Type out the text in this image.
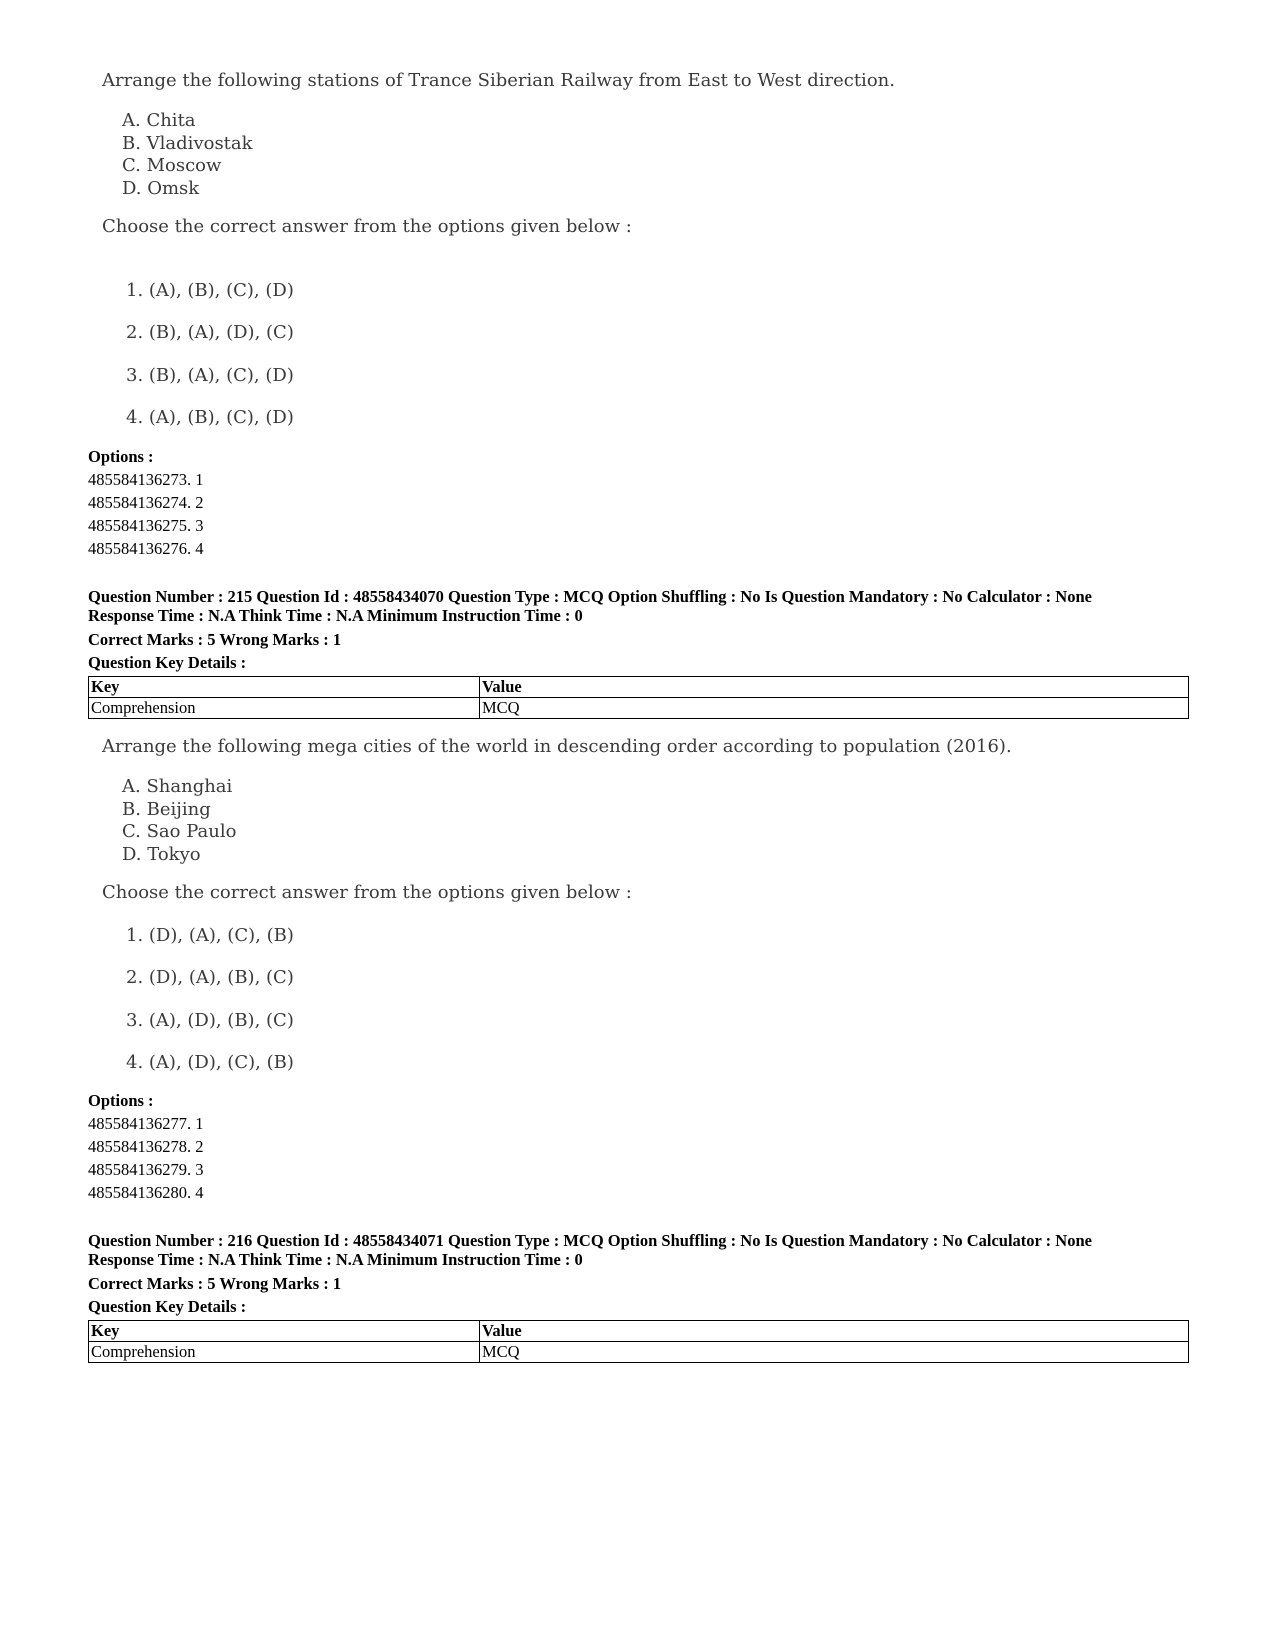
Arrange the following stations of Trance Siberian Railway from East to West direction.

A. Chita
B. Vladivostak
C. Moscow
D. Omsk
Choose the correct answer from the options given below :
1. (A), (B), (C), (D)
2. (B), (A), (D), (C)
3. (B), (A), (C), (D)
4. (A), (B), (C), (D)
Options :
485584136273. 1
485584136274. 2
485584136275. 3
485584136276. 4
Question Number : 215 Question Id : 48558434070 Question Type : MCQ Option Shuffling : No Is Question Mandatory : No Calculator : None
Response Time : N.A Think Time : N.A Minimum Instruction Time : 0
Correct Marks : 5 Wrong Marks : 1
Question Key Details :
Key	Value
Comprehension	MCQ

Arrange the following mega cities of the world in descending order according to population (2016).

A. Shanghai
B. Beijing
C. Sao Paulo
D. Tokyo
Choose the correct answer from the options given below :
1. (D), (A), (C), (B)
2. (D), (A), (B), (C)
3. (A), (D), (B), (C)
4. (A), (D), (C), (B)
Options :
485584136277. 1
485584136278. 2
485584136279. 3
485584136280. 4
Question Number : 216 Question Id : 48558434071 Question Type : MCQ Option Shuffling : No Is Question Mandatory : No Calculator : None
Response Time : N.A Think Time : N.A Minimum Instruction Time : 0
Correct Marks : 5 Wrong Marks : 1
Question Key Details :
Key	Value
Comprehension	MCQ
